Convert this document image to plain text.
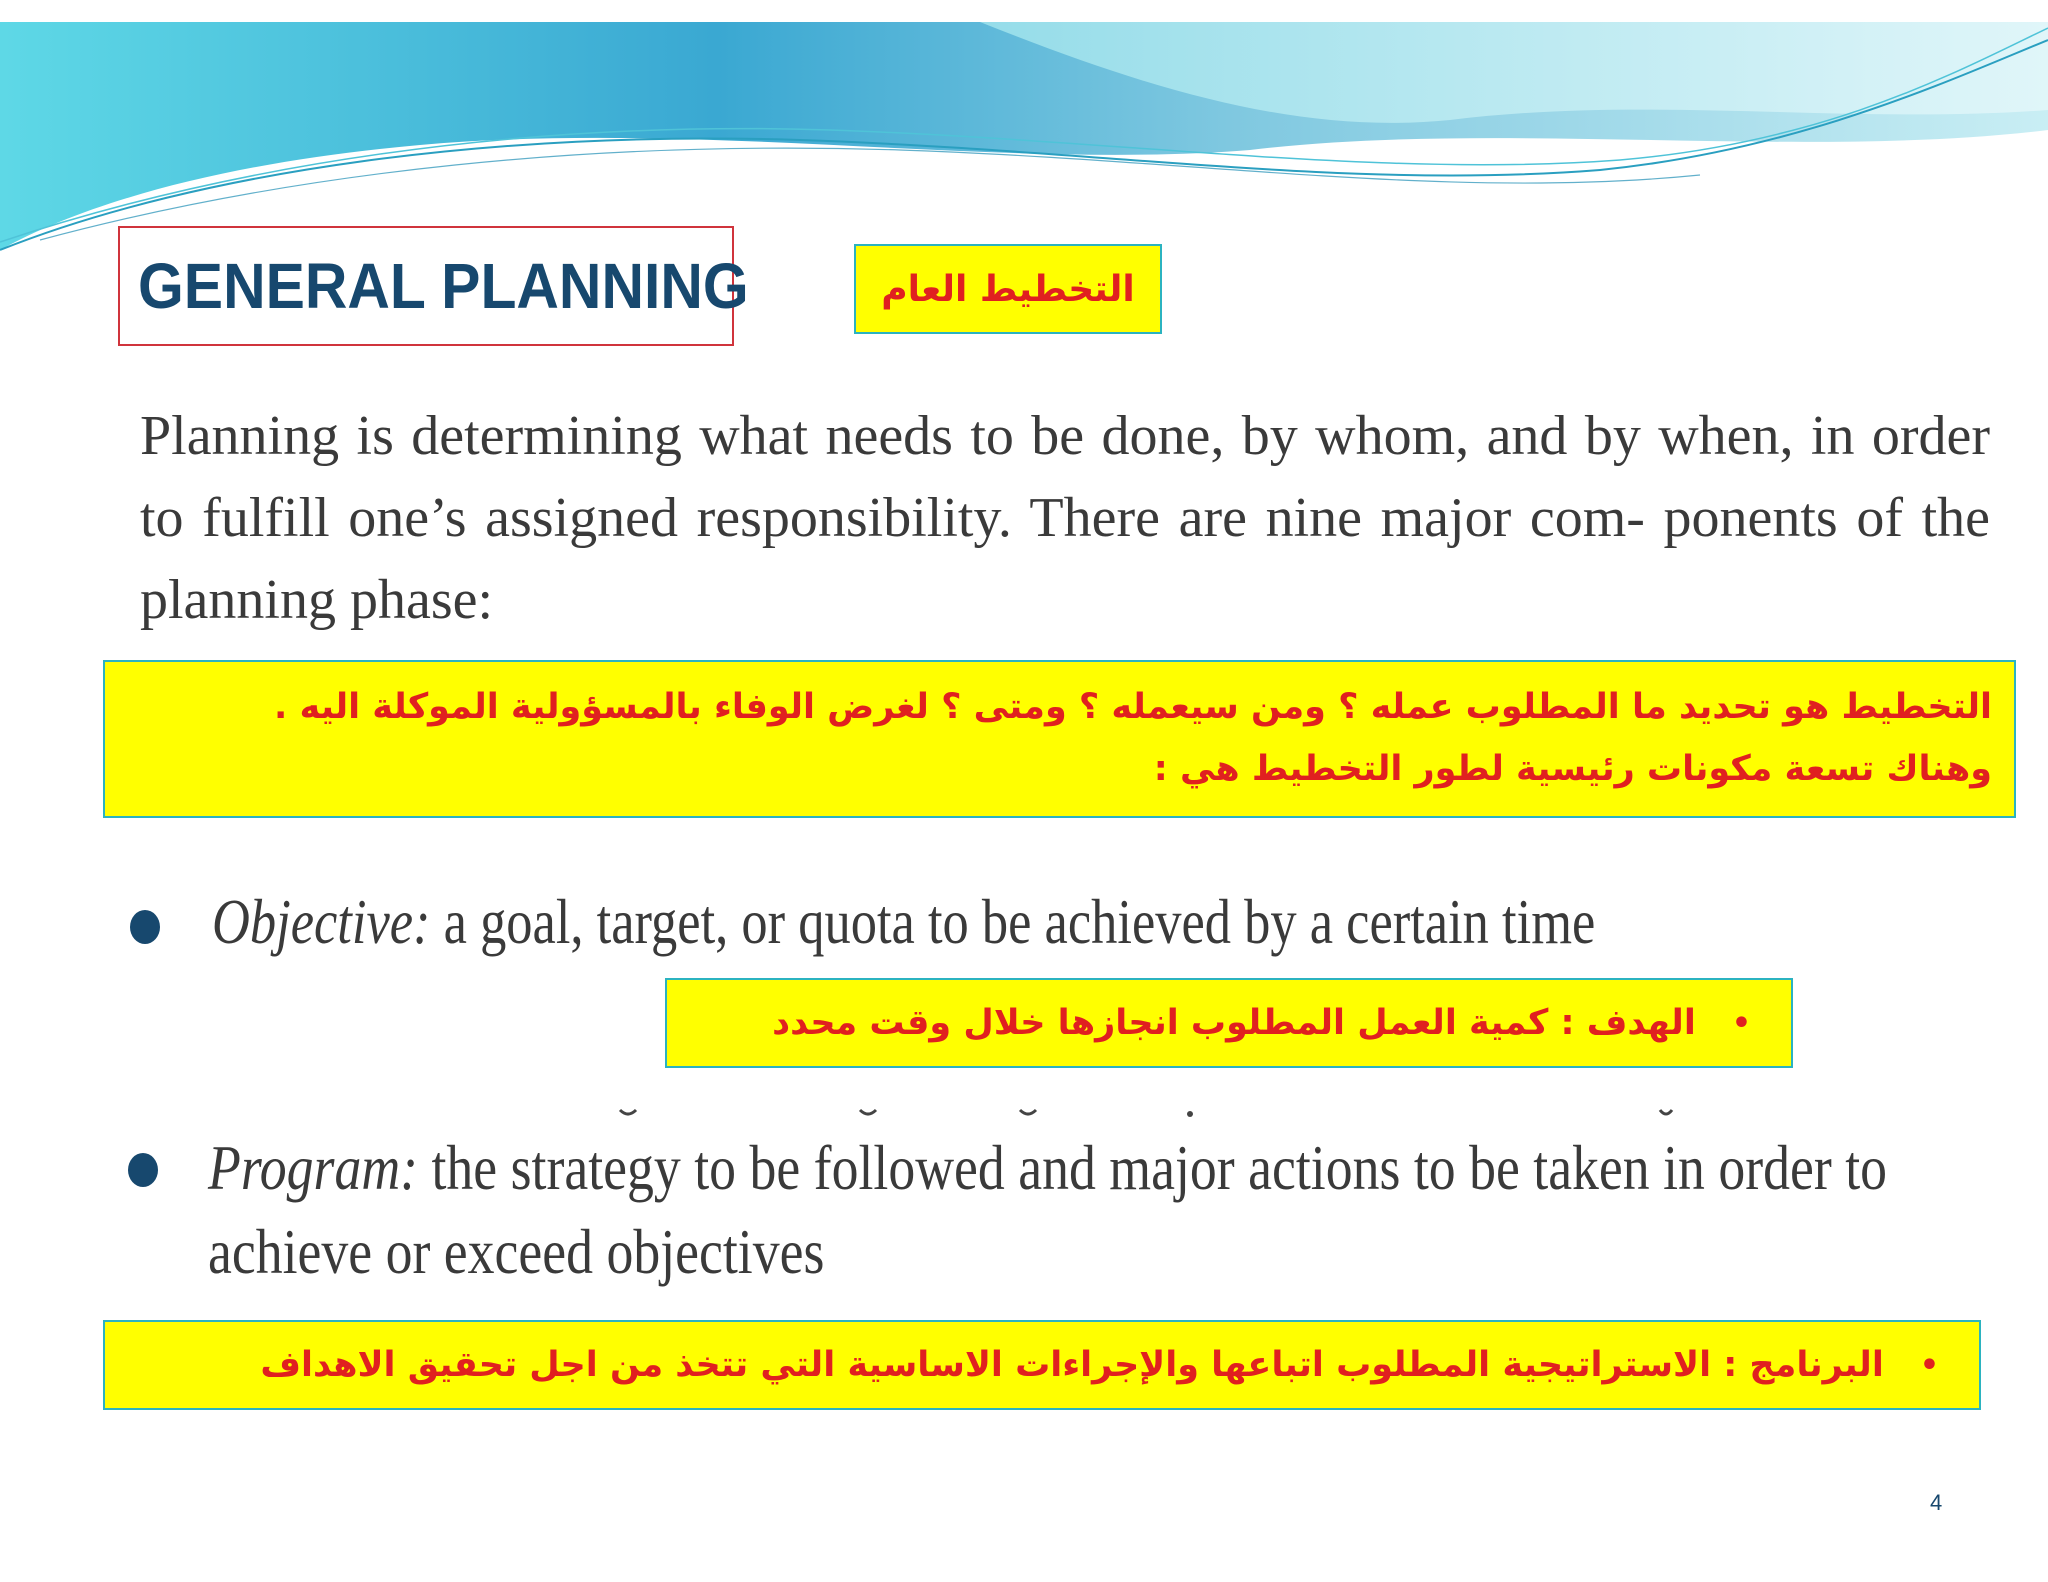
GENERAL PLANNING	التخطيط العام
Planning is determining what needs to be done, by whom, and by when, in order to fulfill one’s assigned responsibility. There are nine major com- ponents of the planning phase:
التخطيط هو تحديد ما المطلوب عمله ؟ ومن سيعمله ؟ ومتى ؟ لغرض الوفاء بالمسؤولية الموكلة اليه .
وهناك تسعة مكونات رئيسية لطور التخطيط هي :
Objective: a goal, target, or quota to be achieved by a certain time
•
الهدف : كمية العمل المطلوب انجازها خلال وقت محدد
Program: the strategy to be followed and major actions to be taken in order to
achieve or exceed objectives
•
البرنامج : الاستراتيجية المطلوب اتباعها والإجراءات الاساسية التي تتخذ من اجل تحقيق الاهداف
4
